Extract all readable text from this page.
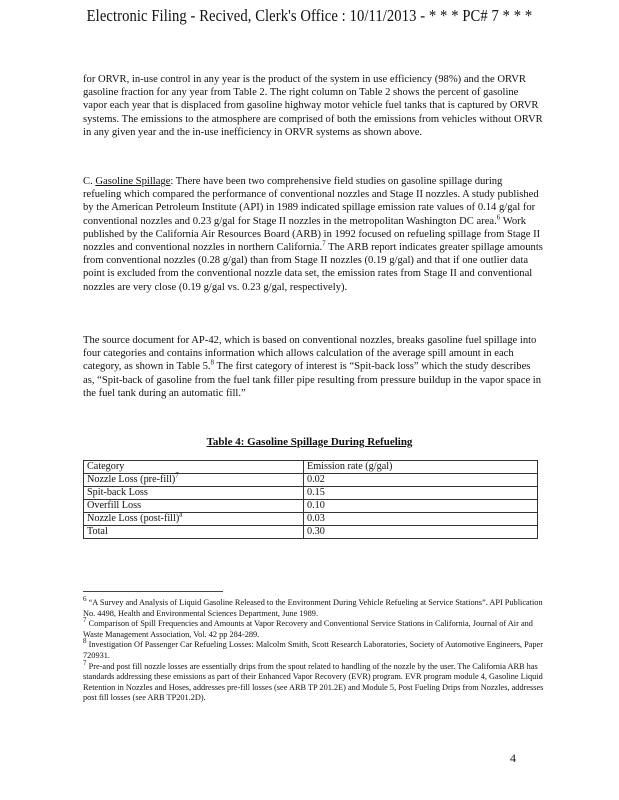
Electronic Filing - Recived, Clerk's Office : 10/11/2013 - * * * PC# 7 * * *

for ORVR, in-use control in any year is the product of the system in use efficiency (98%) and the ORVR gasoline fraction for any year from Table 2. The right column on Table 2 shows the percent of gasoline vapor each year that is displaced from gasoline highway motor vehicle fuel tanks that is captured by ORVR systems. The emissions to the atmosphere are comprised of both the emissions from vehicles without ORVR in any given year and the in-use inefficiency in ORVR systems as shown above.

C. Gasoline Spillage: There have been two comprehensive field studies on gasoline spillage during refueling which compared the performance of conventional nozzles and Stage II nozzles. A study published by the American Petroleum Institute (API) in 1989 indicated spillage emission rate values of 0.14 g/gal for conventional nozzles and 0.23 g/gal for Stage II nozzles in the metropolitan Washington DC area.$^6$ Work published by the California Air Resources Board (ARB) in 1992 focused on refueling spillage from Stage II nozzles and conventional nozzles in northern California.$^7$ The ARB report indicates greater spillage amounts from conventional nozzles (0.28 g/gal) than from Stage II nozzles (0.19 g/gal) and that if one outlier data point is excluded from the conventional nozzle data set, the emission rates from Stage II and conventional nozzles are very close (0.19 g/gal vs. 0.23 g/gal, respectively).

The source document for AP-42, which is based on conventional nozzles, breaks gasoline fuel spillage into four categories and contains information which allows calculation of the average spill amount in each category, as shown in Table 5.$^8$ The first category of interest is “Spit-back loss” which the study describes as, “Spit-back of gasoline from the fuel tank filler pipe resulting from pressure buildup in the vapor space in the fuel tank during an automatic fill.”

Table 4: Gasoline Spillage During Refueling
Category	Emission rate (g/gal)
Nozzle Loss (pre-fill)$^7$	0.02
Spit-back Loss	0.15
Overfill Loss	0.10
Nozzle Loss (post-fill)$^a$	0.03
Total	0.30

$^6$ “A Survey and Analysis of Liquid Gasoline Released to the Environment During Vehicle Refueling at Service Stations”. API Publication No. 4498, Health and Environmental Sciences Department, June 1989.

$^7$ Comparison of Spill Frequencies and Amounts at Vapor Recovery and Conventional Service Stations in California, Journal of Air and Waste Management Association, Vol. 42 pp 284-289.

$^8$ Investigation Of Passenger Car Refueling Losses: Malcolm Smith, Scott Research Laboratories, Society of Automotive Engineers, Paper 720931.

$^7$ Pre-and post fill nozzle losses are essentially drips from the spout related to handling of the nozzle by the user. The California ARB has standards addressing these emissions as part of their Enhanced Vapor Recovery (EVR) program. EVR program module 4, Gasoline Liquid Retention in Nozzles and Hoses, addresses pre-fill losses (see ARB TP 201.2E) and Module 5, Post Fueling Drips from Nozzles, addresses post fill losses (see ARB TP201.2D).

4
